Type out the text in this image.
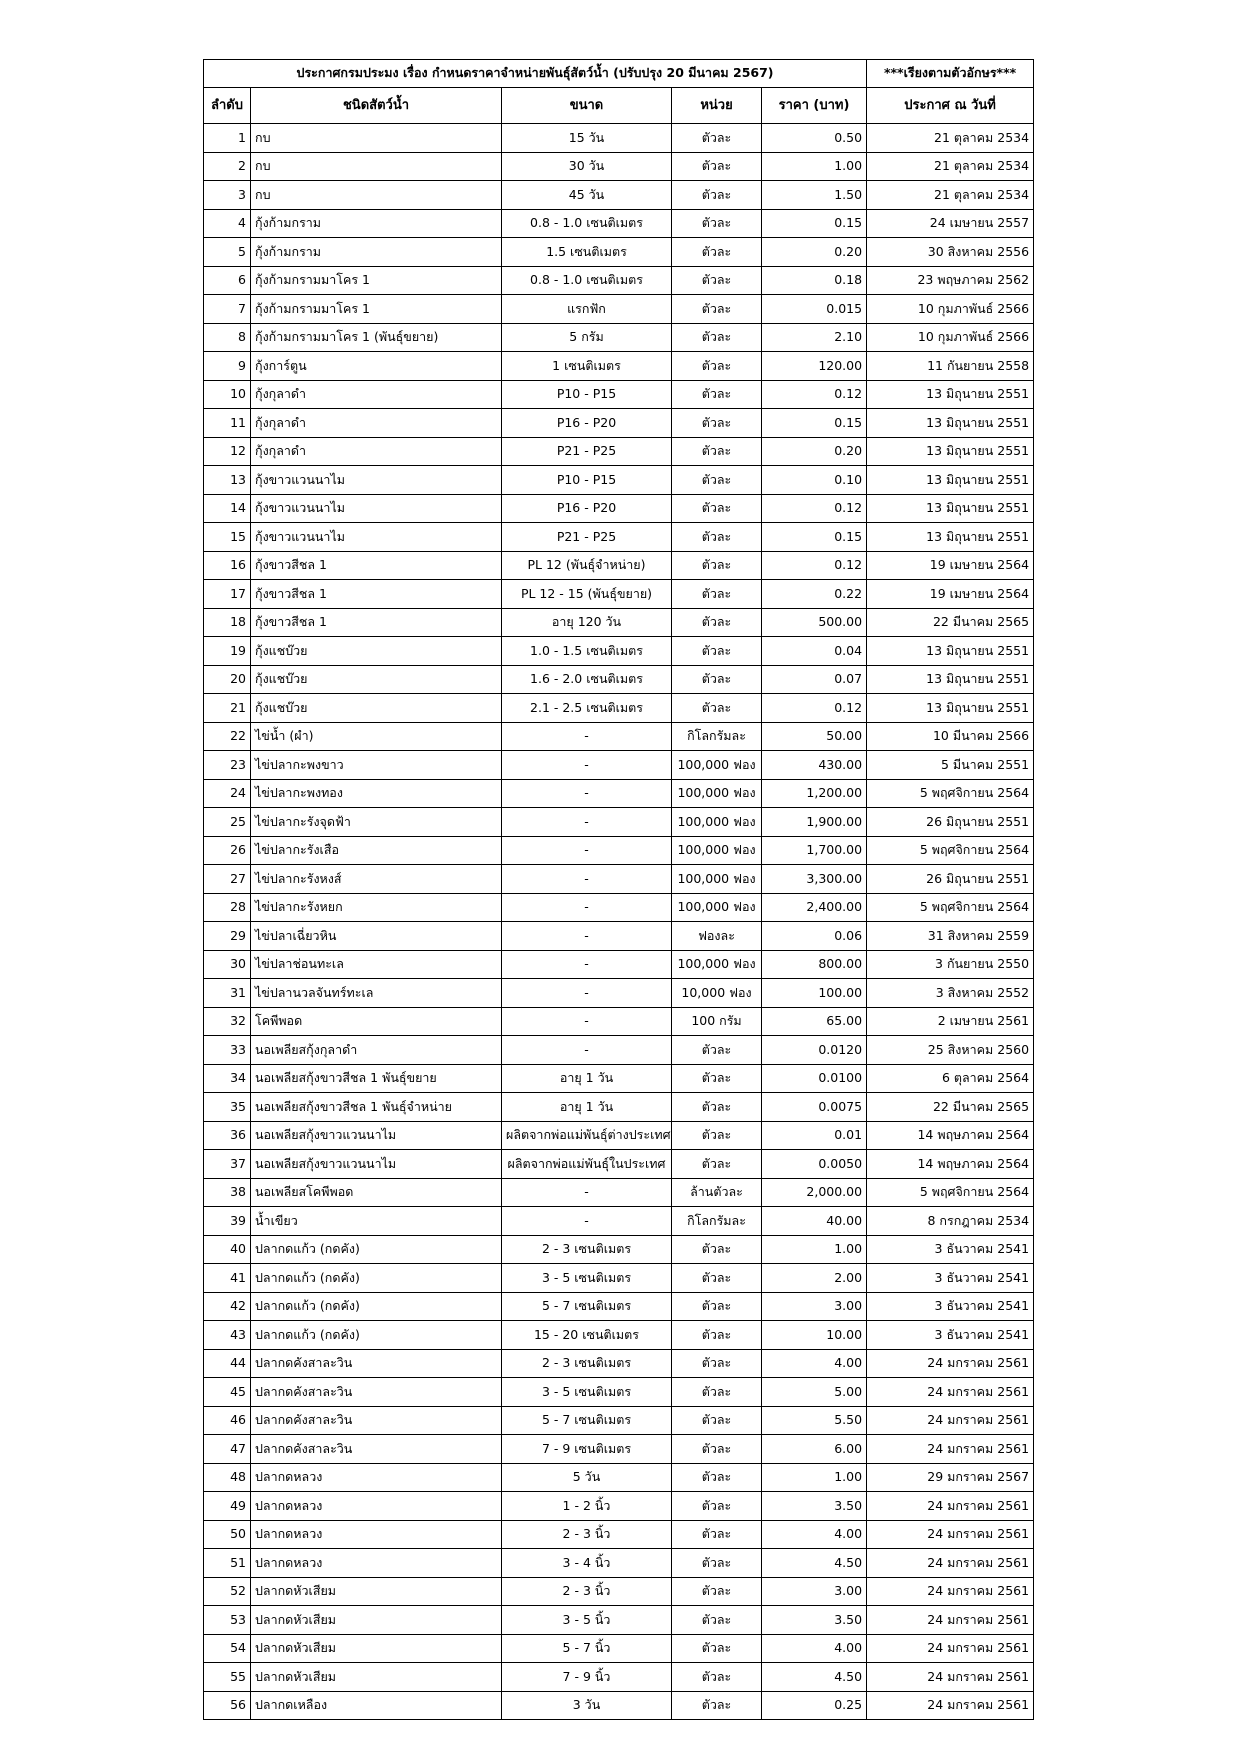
ประกาศกรมประมง เรื่อง กำหนดราคาจำหน่ายพันธุ์สัตว์น้ำ (ปรับปรุง 20 มีนาคม 2567)					***เรียงตามตัวอักษร***
ลำดับ	ชนิดสัตว์น้ำ	ขนาด	หน่วย	ราคา (บาท)	ประกาศ ณ วันที่
1	กบ	15 วัน	ตัวละ	0.50	21 ตุลาคม 2534
2	กบ	30 วัน	ตัวละ	1.00	21 ตุลาคม 2534
3	กบ	45 วัน	ตัวละ	1.50	21 ตุลาคม 2534
4	กุ้งก้ามกราม	0.8 - 1.0 เซนติเมตร	ตัวละ	0.15	24 เมษายน 2557
5	กุ้งก้ามกราม	1.5 เซนติเมตร	ตัวละ	0.20	30 สิงหาคม 2556
6	กุ้งก้ามกรามมาโคร 1	0.8 - 1.0 เซนติเมตร	ตัวละ	0.18	23 พฤษภาคม 2562
7	กุ้งก้ามกรามมาโคร 1	แรกฟัก	ตัวละ	0.015	10 กุมภาพันธ์ 2566
8	กุ้งก้ามกรามมาโคร 1 (พันธุ์ขยาย)	5 กรัม	ตัวละ	2.10	10 กุมภาพันธ์ 2566
9	กุ้งการ์ตูน	1 เซนติเมตร	ตัวละ	120.00	11 กันยายน 2558
10	กุ้งกุลาดำ	P10 - P15	ตัวละ	0.12	13 มิถุนายน 2551
11	กุ้งกุลาดำ	P16 - P20	ตัวละ	0.15	13 มิถุนายน 2551
12	กุ้งกุลาดำ	P21 - P25	ตัวละ	0.20	13 มิถุนายน 2551
13	กุ้งขาวแวนนาไม	P10 - P15	ตัวละ	0.10	13 มิถุนายน 2551
14	กุ้งขาวแวนนาไม	P16 - P20	ตัวละ	0.12	13 มิถุนายน 2551
15	กุ้งขาวแวนนาไม	P21 - P25	ตัวละ	0.15	13 มิถุนายน 2551
16	กุ้งขาวสีชล 1	PL 12 (พันธุ์จำหน่าย)	ตัวละ	0.12	19 เมษายน 2564
17	กุ้งขาวสีชล 1	PL 12 - 15 (พันธุ์ขยาย)	ตัวละ	0.22	19 เมษายน 2564
18	กุ้งขาวสีชล 1	อายุ 120 วัน	ตัวละ	500.00	22 มีนาคม 2565
19	กุ้งแชบ๊วย	1.0 - 1.5 เซนติเมตร	ตัวละ	0.04	13 มิถุนายน 2551
20	กุ้งแชบ๊วย	1.6 - 2.0 เซนติเมตร	ตัวละ	0.07	13 มิถุนายน 2551
21	กุ้งแชบ๊วย	2.1 - 2.5 เซนติเมตร	ตัวละ	0.12	13 มิถุนายน 2551
22	ไข่น้ำ (ผำ)	-	กิโลกรัมละ	50.00	10 มีนาคม 2566
23	ไข่ปลากะพงขาว	-	100,000 ฟอง	430.00	5 มีนาคม 2551
24	ไข่ปลากะพงทอง	-	100,000 ฟอง	1,200.00	5 พฤศจิกายน 2564
25	ไข่ปลากะรังจุดฟ้า	-	100,000 ฟอง	1,900.00	26 มิถุนายน 2551
26	ไข่ปลากะรังเสือ	-	100,000 ฟอง	1,700.00	5 พฤศจิกายน 2564
27	ไข่ปลากะรังหงส์	-	100,000 ฟอง	3,300.00	26 มิถุนายน 2551
28	ไข่ปลากะรังหยก	-	100,000 ฟอง	2,400.00	5 พฤศจิกายน 2564
29	ไข่ปลาเฉี่ยวหิน	-	ฟองละ	0.06	31 สิงหาคม 2559
30	ไข่ปลาช่อนทะเล	-	100,000 ฟอง	800.00	3 กันยายน 2550
31	ไข่ปลานวลจันทร์ทะเล	-	10,000 ฟอง	100.00	3 สิงหาคม 2552
32	โคพีพอด	-	100 กรัม	65.00	2 เมษายน 2561
33	นอเพลียสกุ้งกุลาดำ	-	ตัวละ	0.0120	25 สิงหาคม 2560
34	นอเพลียสกุ้งขาวสีชล 1 พันธุ์ขยาย	อายุ 1 วัน	ตัวละ	0.0100	6 ตุลาคม 2564
35	นอเพลียสกุ้งขาวสีชล 1 พันธุ์จำหน่าย	อายุ 1 วัน	ตัวละ	0.0075	22 มีนาคม 2565
36	นอเพลียสกุ้งขาวแวนนาไม	ผลิตจากพ่อแม่พันธุ์ต่างประเทศ	ตัวละ	0.01	14 พฤษภาคม 2564
37	นอเพลียสกุ้งขาวแวนนาไม	ผลิตจากพ่อแม่พันธุ์ในประเทศ	ตัวละ	0.0050	14 พฤษภาคม 2564
38	นอเพลียสโคพีพอด	-	ล้านตัวละ	2,000.00	5 พฤศจิกายน 2564
39	น้ำเขียว	-	กิโลกรัมละ	40.00	8 กรกฎาคม 2534
40	ปลากดแก้ว (กดคัง)	2 - 3 เซนติเมตร	ตัวละ	1.00	3 ธันวาคม 2541
41	ปลากดแก้ว (กดคัง)	3 - 5 เซนติเมตร	ตัวละ	2.00	3 ธันวาคม 2541
42	ปลากดแก้ว (กดคัง)	5 - 7 เซนติเมตร	ตัวละ	3.00	3 ธันวาคม 2541
43	ปลากดแก้ว (กดคัง)	15 - 20 เซนติเมตร	ตัวละ	10.00	3 ธันวาคม 2541
44	ปลากดคังสาละวิน	2 - 3 เซนติเมตร	ตัวละ	4.00	24 มกราคม 2561
45	ปลากดคังสาละวิน	3 - 5 เซนติเมตร	ตัวละ	5.00	24 มกราคม 2561
46	ปลากดคังสาละวิน	5 - 7 เซนติเมตร	ตัวละ	5.50	24 มกราคม 2561
47	ปลากดคังสาละวิน	7 - 9 เซนติเมตร	ตัวละ	6.00	24 มกราคม 2561
48	ปลากดหลวง	5 วัน	ตัวละ	1.00	29 มกราคม 2567
49	ปลากดหลวง	1 - 2 นิ้ว	ตัวละ	3.50	24 มกราคม 2561
50	ปลากดหลวง	2 - 3 นิ้ว	ตัวละ	4.00	24 มกราคม 2561
51	ปลากดหลวง	3 - 4 นิ้ว	ตัวละ	4.50	24 มกราคม 2561
52	ปลากดหัวเสียม	2 - 3 นิ้ว	ตัวละ	3.00	24 มกราคม 2561
53	ปลากดหัวเสียม	3 - 5 นิ้ว	ตัวละ	3.50	24 มกราคม 2561
54	ปลากดหัวเสียม	5 - 7 นิ้ว	ตัวละ	4.00	24 มกราคม 2561
55	ปลากดหัวเสียม	7 - 9 นิ้ว	ตัวละ	4.50	24 มกราคม 2561
56	ปลากดเหลือง	3 วัน	ตัวละ	0.25	24 มกราคม 2561
